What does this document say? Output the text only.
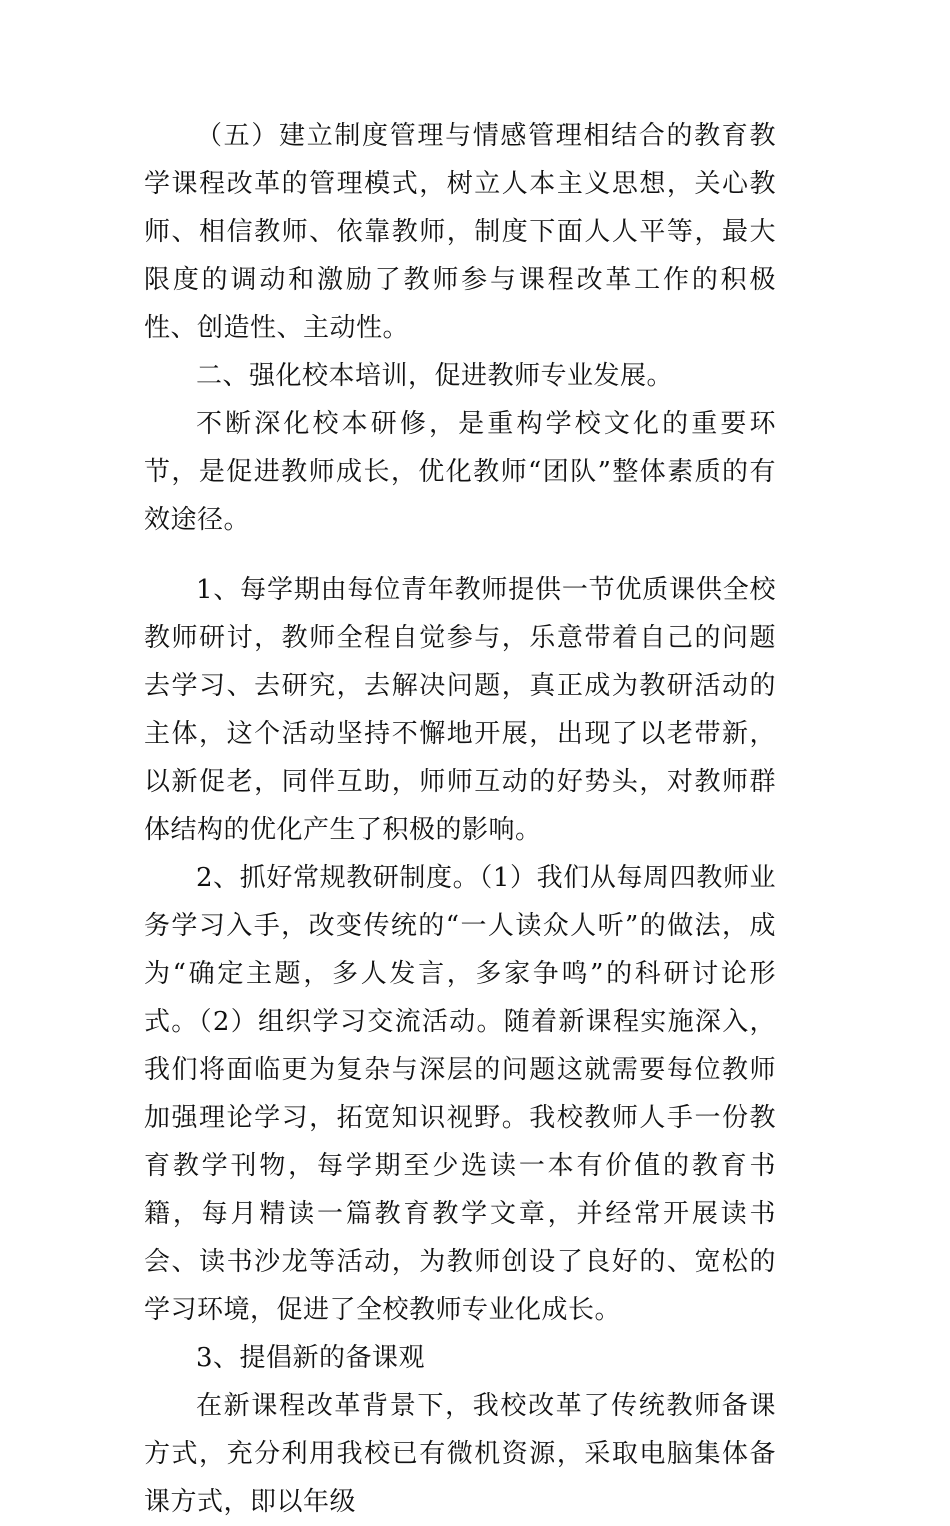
（五）建立制度管理与情感管理相结合的教育教学课程改革的管理模式，树立人本主义思想，关心教师、相信教师、依靠教师，制度下面人人平等，最大限度的调动和激励了教师参与课程改革工作的积极性、创造性、主动性。

二、强化校本培训，促进教师专业发展。

不断深化校本研修，是重构学校文化的重要环节，是促进教师成长，优化教师“团队”整体素质的有效途径。

1、每学期由每位青年教师提供一节优质课供全校教师研讨，教师全程自觉参与，乐意带着自己的问题去学习、去研究，去解决问题，真正成为教研活动的主体，这个活动坚持不懈地开展，出现了以老带新，以新促老，同伴互助，师师互动的好势头，对教师群体结构的优化产生了积极的影响。

2、抓好常规教研制度。（1）我们从每周四教师业务学习入手，改变传统的“一人读众人听”的做法，成为“确定主题，多人发言，多家争鸣”的科研讨论形式。（2）组织学习交流活动。随着新课程实施深入，我们将面临更为复杂与深层的问题这就需要每位教师加强理论学习，拓宽知识视野。我校教师人手一份教育教学刊物，每学期至少选读一本有价值的教育书籍，每月精读一篇教育教学文章，并经常开展读书会、读书沙龙等活动，为教师创设了良好的、宽松的学习环境，促进了全校教师专业化成长。

3、提倡新的备课观

在新课程改革背景下，我校改革了传统教师备课方式，充分利用我校已有微机资源，采取电脑集体备课方式，即以年级
